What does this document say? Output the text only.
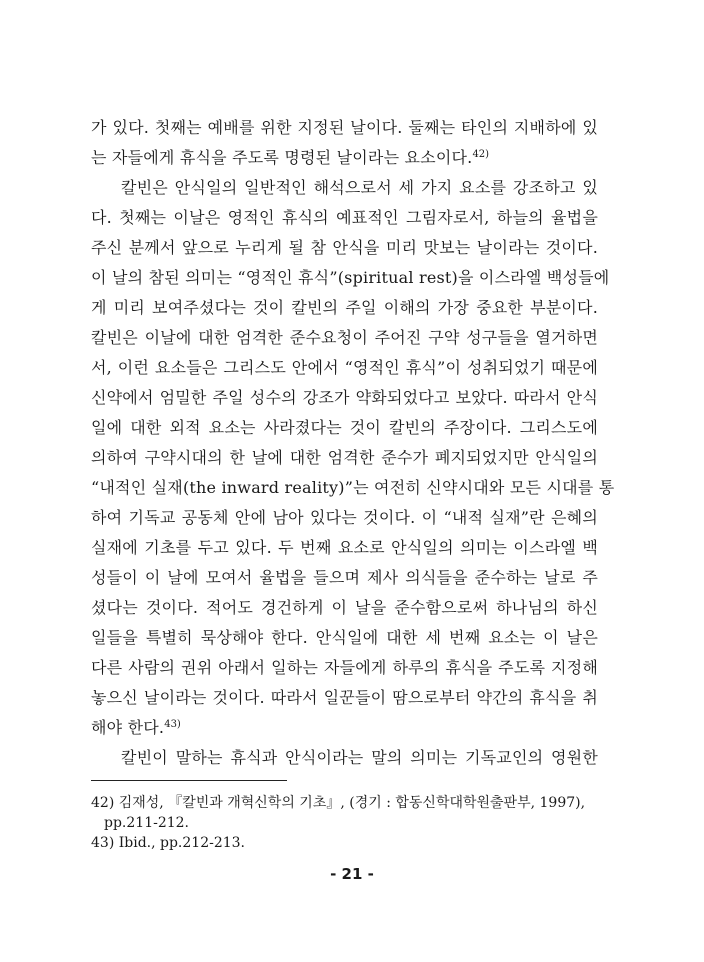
가 있다. 첫째는 예배를 위한 지정된 날이다. 둘째는 타인의 지배하에 있
는 자들에게 휴식을 주도록 명령된 날이라는 요소이다.$^{42)}$
칼빈은 안식일의 일반적인 해석으로서 세 가지 요소를 강조하고 있
다. 첫째는 이날은 영적인 휴식의 예표적인 그림자로서, 하늘의 율법을
주신 분께서 앞으로 누리게 될 참 안식을 미리 맛보는 날이라는 것이다.
이 날의 참된 의미는 “영적인 휴식”(spiritual rest)을 이스라엘 백성들에
게 미리 보여주셨다는 것이 칼빈의 주일 이해의 가장 중요한 부분이다.
칼빈은 이날에 대한 엄격한 준수요청이 주어진 구약 성구들을 열거하면
서, 이런 요소들은 그리스도 안에서 “영적인 휴식”이 성취되었기 때문에
신약에서 엄밀한 주일 성수의 강조가 약화되었다고 보았다. 따라서 안식
일에 대한 외적 요소는 사라졌다는 것이 칼빈의 주장이다. 그리스도에
의하여 구약시대의 한 날에 대한 엄격한 준수가 폐지되었지만 안식일의
“내적인 실재(the inward reality)”는 여전히 신약시대와 모든 시대를 통
하여 기독교 공동체 안에 남아 있다는 것이다. 이 “내적 실재”란 은혜의
실재에 기초를 두고 있다. 두 번째 요소로 안식일의 의미는 이스라엘 백
성들이 이 날에 모여서 율법을 들으며 제사 의식들을 준수하는 날로 주
셨다는 것이다. 적어도 경건하게 이 날을 준수함으로써 하나님의 하신
일들을 특별히 묵상해야 한다. 안식일에 대한 세 번째 요소는 이 날은
다른 사람의 권위 아래서 일하는 자들에게 하루의 휴식을 주도록 지정해
놓으신 날이라는 것이다. 따라서 일꾼들이 땀으로부터 약간의 휴식을 취
해야 한다.$^{43)}$
칼빈이 말하는 휴식과 안식이라는 말의 의미는 기독교인의 영원한
42) 김재성, 『칼빈과 개혁신학의 기초』, (경기 : 합동신학대학원출판부, 1997),
pp.211-212.
43) Ibid., pp.212-213.
- 21 -
